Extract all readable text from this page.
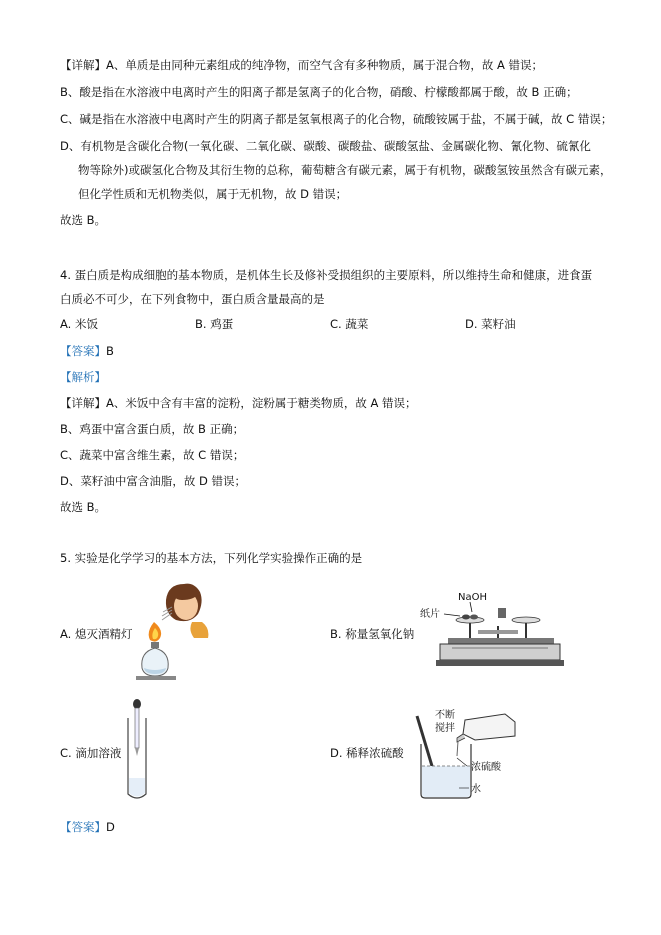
【详解】A、单质是由同种元素组成的纯净物，而空气含有多种物质，属于混合物，故 A 错误；
B、酸是指在水溶液中电离时产生的阳离子都是氢离子的化合物，硝酸、柠檬酸都属于酸，故 B 正确；
C、碱是指在水溶液中电离时产生的阴离子都是氢氧根离子的化合物，硫酸铵属于盐，不属于碱，故 C 错误；
D、有机物是含碳化合物(一氧化碳、二氧化碳、碳酸、碳酸盐、碳酸氢盐、金属碳化物、氰化物、硫氰化
物等除外)或碳氢化合物及其衍生物的总称，葡萄糖含有碳元素，属于有机物，碳酸氢铵虽然含有碳元素，
但化学性质和无机物类似，属于无机物，故 D 错误；
故选 B。
4. 蛋白质是构成细胞的基本物质，是机体生长及修补受损组织的主要原料，所以维持生命和健康，进食蛋
白质必不可少，在下列食物中，蛋白质含量最高的是
A. 米饭	B. 鸡蛋	C. 蔬菜	D. 菜籽油
【答案】B
【解析】
【详解】A、米饭中含有丰富的淀粉，淀粉属于糖类物质，故 A 错误；
B、鸡蛋中富含蛋白质，故 B 正确；
C、蔬菜中富含维生素，故 C 错误；
D、菜籽油中富含油脂，故 D 错误；
故选 B。
5. 实验是化学学习的基本方法，下列化学实验操作正确的是
A. 熄灭酒精灯	B. 称量氢氧化钠
C. 滴加溶液	D. 稀释浓硫酸
NaOH
纸片
不断
搅拌
浓硫酸
水
【答案】D
